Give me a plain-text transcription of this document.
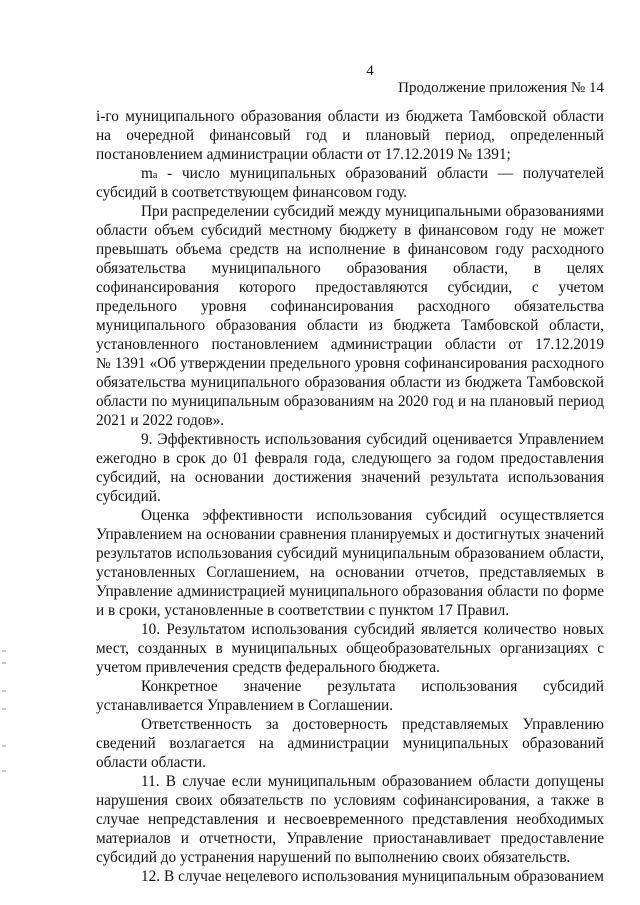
4
Продолжение приложения № 14
i-го муниципального образования области из бюджета Тамбовской области
на очередной финансовый год и плановый период, определенный
постановлением администрации области от 17.12.2019 № 1391;
ma - число муниципальных образований области — получателей
субсидий в соответствующем финансовом году.
При распределении субсидий между муниципальными образованиями
области объем субсидий местному бюджету в финансовом году не может
превышать объема средств на исполнение в финансовом году расходного
обязательства муниципального образования области, в целях
софинансирования которого предоставляются субсидии, с учетом
предельного уровня софинансирования расходного обязательства
муниципального образования области из бюджета Тамбовской области,
установленного постановлением администрации области от 17.12.2019
№ 1391 «Об утверждении предельного уровня софинансирования расходного
обязательства муниципального образования области из бюджета Тамбовской
области по муниципальным образованиям на 2020 год и на плановый период
2021 и 2022 годов».
9. Эффективность использования субсидий оценивается Управлением
ежегодно в срок до 01 февраля года, следующего за годом предоставления
субсидий, на основании достижения значений результата использования
субсидий.
Оценка эффективности использования субсидий осуществляется
Управлением на основании сравнения планируемых и достигнутых значений
результатов использования субсидий муниципальным образованием области,
установленных Соглашением, на основании отчетов, представляемых в
Управление администрацией муниципального образования области по форме
и в сроки, установленные в соответствии с пунктом 17 Правил.
10. Результатом использования субсидий является количество новых
мест, созданных в муниципальных общеобразовательных организациях с
учетом привлечения средств федерального бюджета.
Конкретное значение результата использования субсидий
устанавливается Управлением в Соглашении.
Ответственность за достоверность представляемых Управлению
сведений возлагается на администрации муниципальных образований
области области.
11. В случае если муниципальным образованием области допущены
нарушения своих обязательств по условиям софинансирования, а также в
случае непредставления и несвоевременного представления необходимых
материалов и отчетности, Управление приостанавливает предоставление
субсидий до устранения нарушений по выполнению своих обязательств.
12. В случае нецелевого использования муниципальным образованием
